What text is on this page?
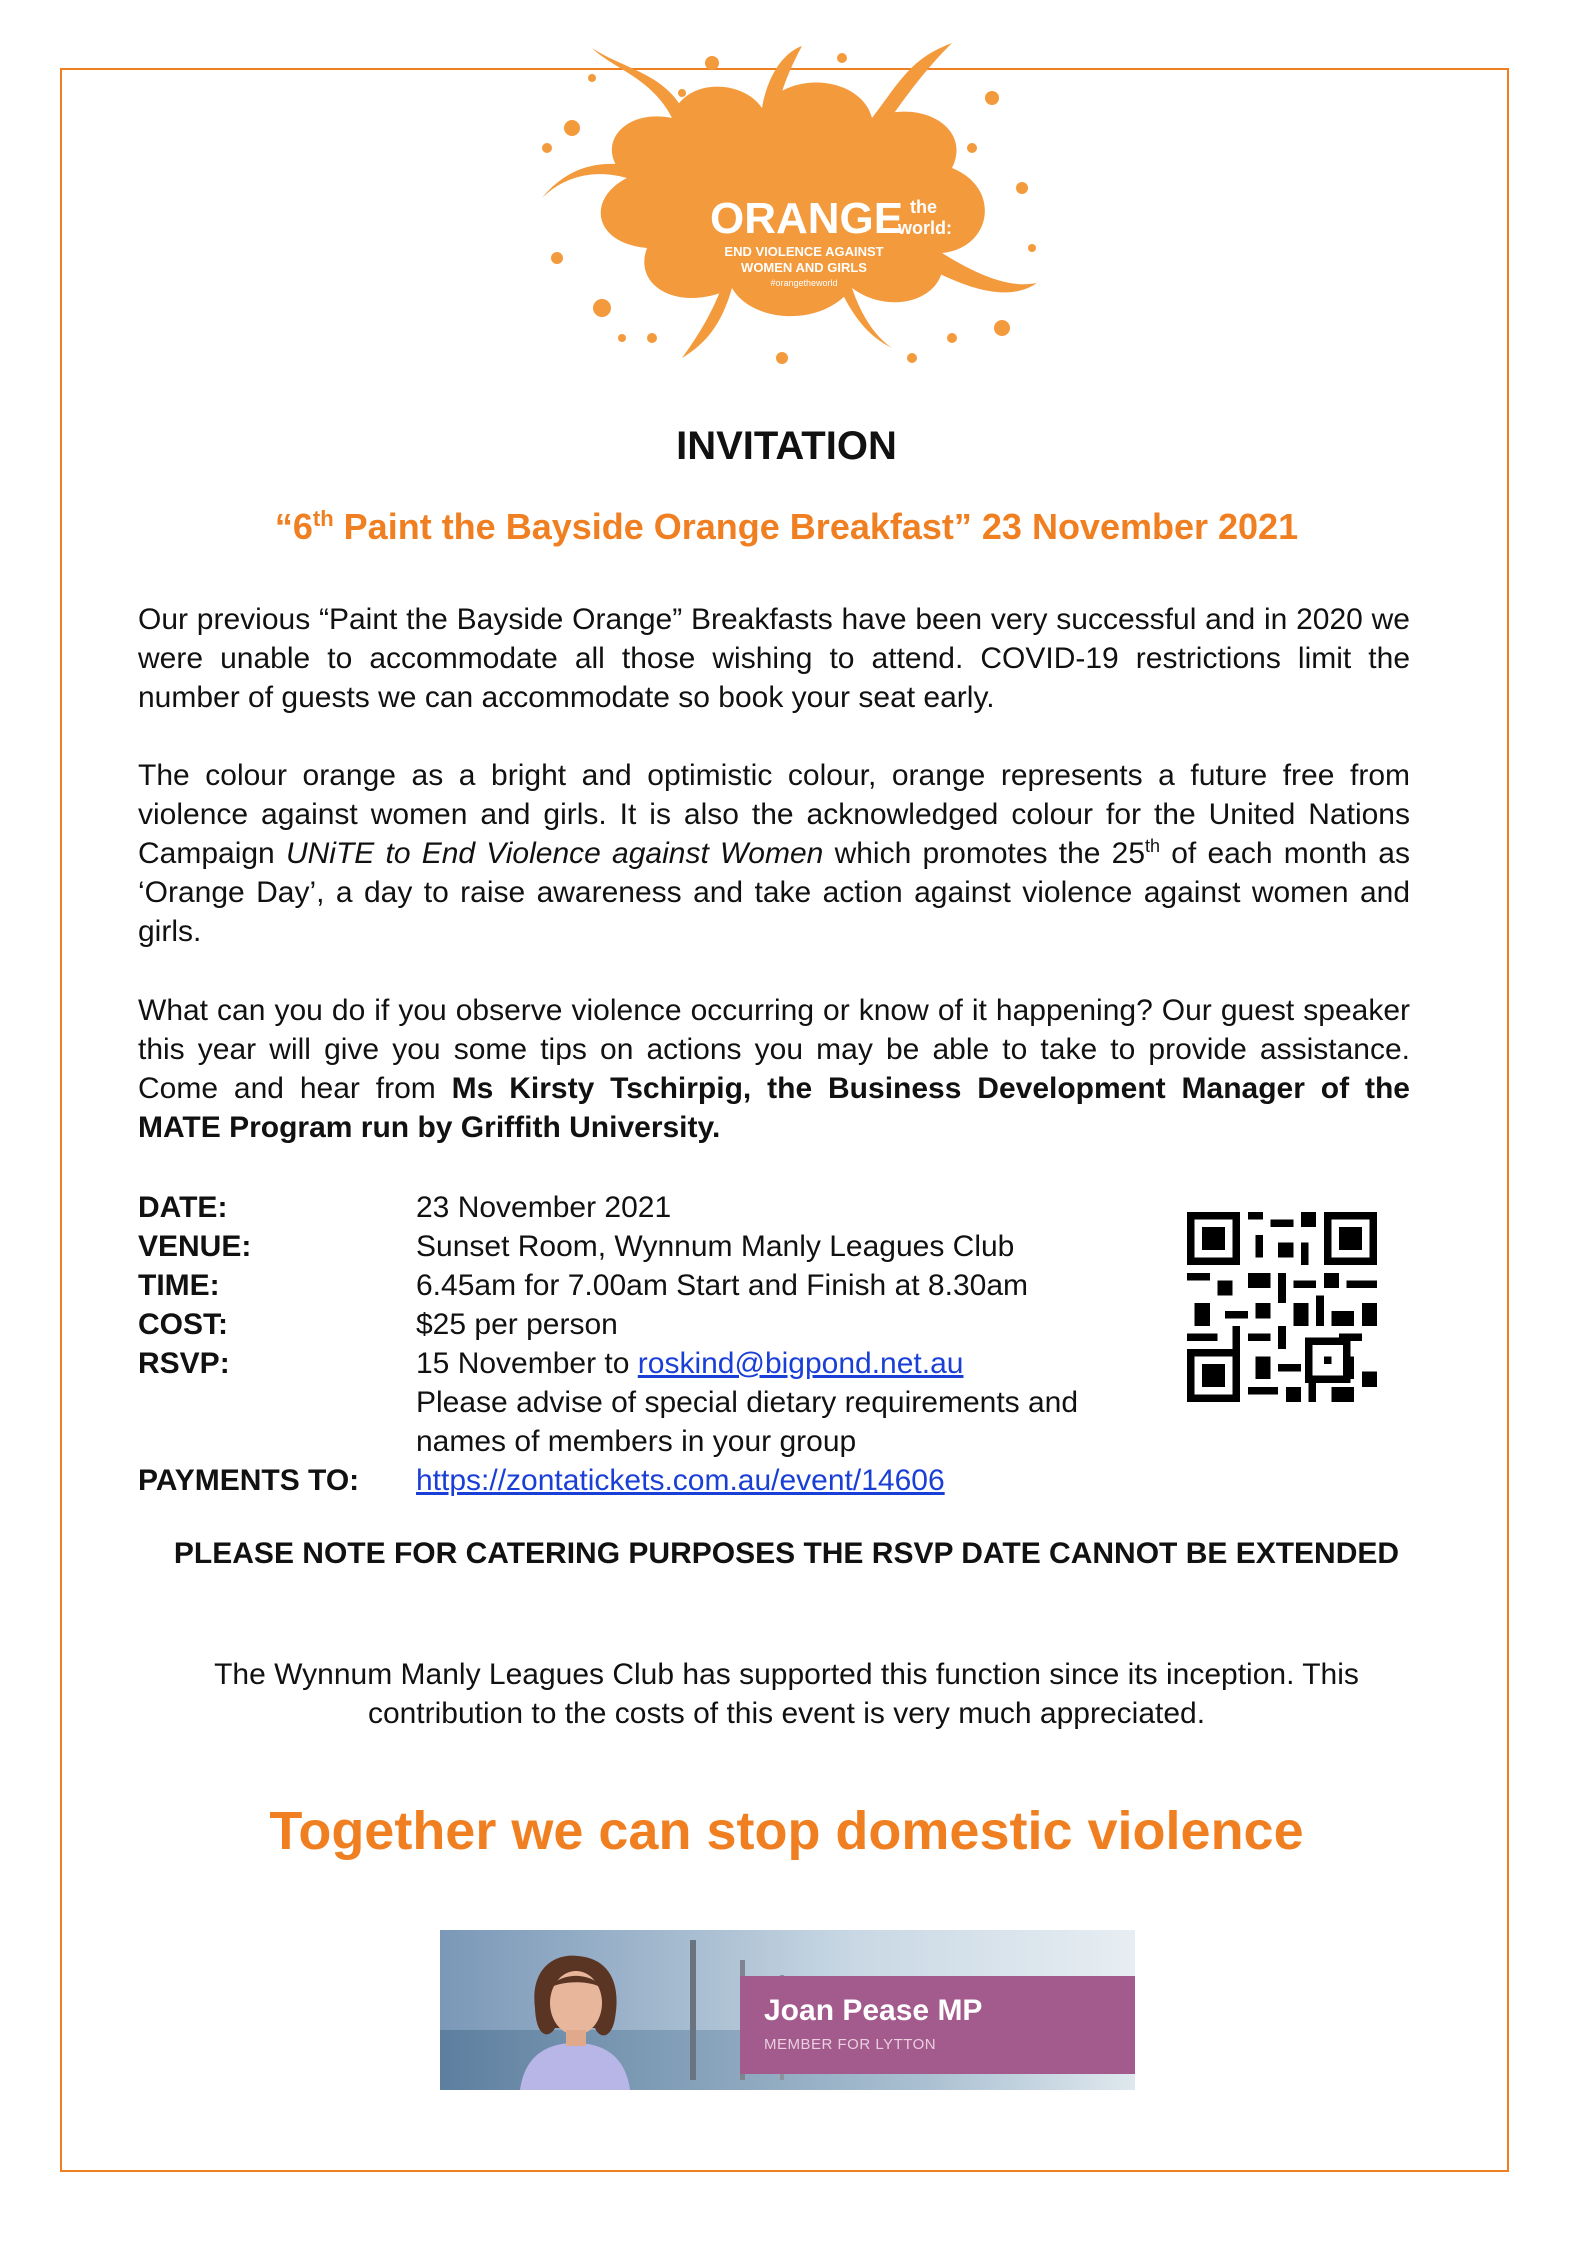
ORANGE the
world:
END VIOLENCE AGAINST
WOMEN AND GIRLS
#orangetheworld
INVITATION
“6th Paint the Bayside Orange Breakfast” 23 November 2021
Our previous “Paint the Bayside Orange” Breakfasts have been very successful and in 2020 we were unable to accommodate all those wishing to attend. COVID-19 restrictions limit the number of guests we can accommodate so book your seat early.
The colour orange as a bright and optimistic colour, orange represents a future free from violence against women and girls. It is also the acknowledged colour for the United Nations Campaign UNiTE to End Violence against Women which promotes the 25th of each month as ‘Orange Day’, a day to raise awareness and take action against violence against women and girls.
What can you do if you observe violence occurring or know of it happening? Our guest speaker this year will give you some tips on actions you may be able to take to provide assistance. Come and hear from Ms Kirsty Tschirpig, the Business Development Manager of the MATE Program run by Griffith University.
DATE:	23 November 2021
VENUE:	Sunset Room, Wynnum Manly Leagues Club
TIME:	6.45am for 7.00am Start and Finish at 8.30am
COST:	$25 per person
RSVP:	15 November to roskind@bigpond.net.au
Please advise of special dietary requirements and names of members in your group
PAYMENTS TO:	https://zontatickets.com.au/event/14606
PLEASE NOTE FOR CATERING PURPOSES THE RSVP DATE CANNOT BE EXTENDED
The Wynnum Manly Leagues Club has supported this function since its inception. This contribution to the costs of this event is very much appreciated.
Together we can stop domestic violence
Joan Pease MP
MEMBER FOR LYTTON
